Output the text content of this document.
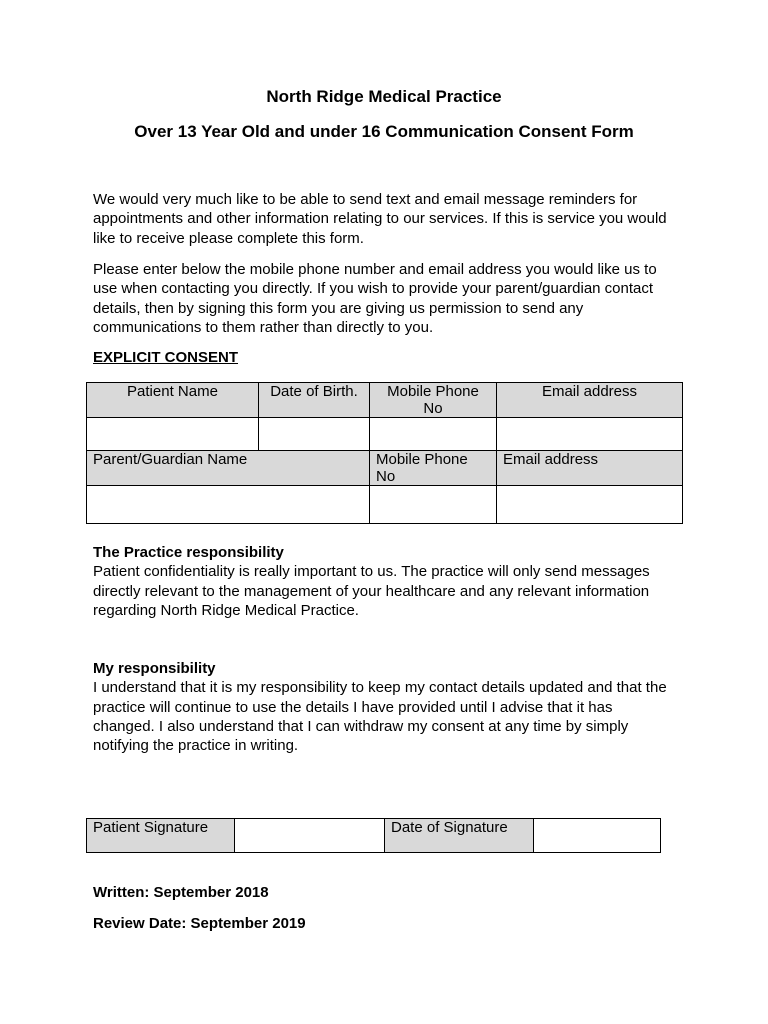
North Ridge Medical Practice
Over 13 Year Old and under 16 Communication Consent Form

We would very much like to be able to send text and email message reminders for appointments and other information relating to our services. If this is service you would like to receive please complete this form.

Please enter below the mobile phone number and email address you would like us to use when contacting you directly. If you wish to provide your parent/guardian contact details, then by signing this form you are giving us permission to send any communications to them rather than directly to you.

EXPLICIT CONSENT
Patient Name	Date of Birth.	Mobile Phone No	Email address

Parent/Guardian Name		Mobile Phone No	Email address

The Practice responsibility
Patient confidentiality is really important to us. The practice will only send messages directly relevant to the management of your healthcare and any relevant information regarding North Ridge Medical Practice.
My responsibility
I understand that it is my responsibility to keep my contact details updated and that the practice will continue to use the details I have provided until I advise that it has changed. I also understand that I can withdraw my consent at any time by simply notifying the practice in writing.
Patient Signature		Date of Signature	
Written: September 2018
Review Date: September 2019
